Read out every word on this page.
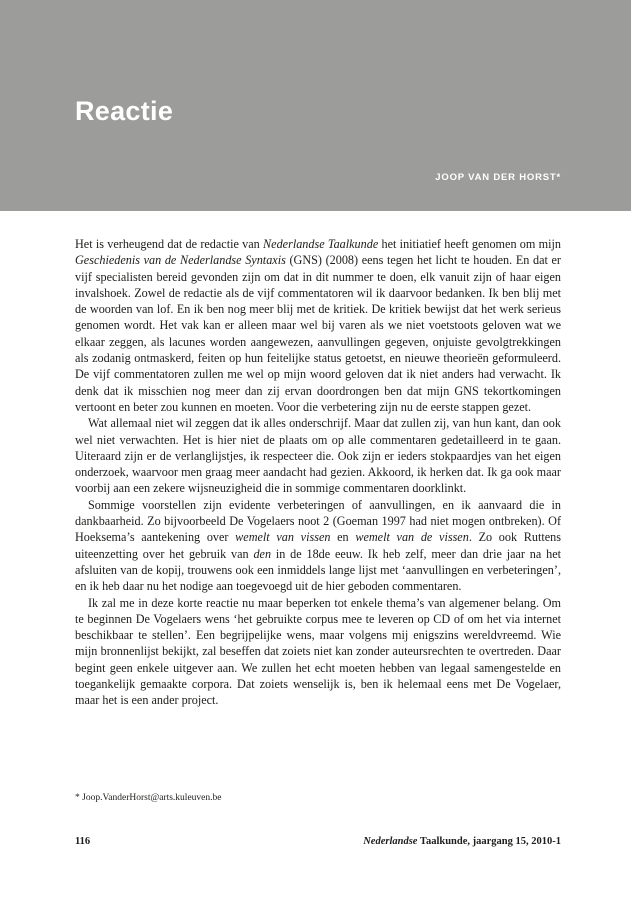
Reactie

JOOP VAN DER HORST*

Het is verheugend dat de redactie van Nederlandse Taalkunde het initiatief heeft genomen om mijn Geschiedenis van de Nederlandse Syntaxis (GNS) (2008) eens tegen het licht te houden. En dat er vijf specialisten bereid gevonden zijn om dat in dit nummer te doen, elk vanuit zijn of haar eigen invalshoek. Zowel de redactie als de vijf commentatoren wil ik daarvoor bedanken. Ik ben blij met de woorden van lof. En ik ben nog meer blij met de kritiek. De kritiek bewijst dat het werk serieus genomen wordt. Het vak kan er alleen maar wel bij varen als we niet voetstoots geloven wat we elkaar zeggen, als lacunes worden aangewezen, aanvullingen gegeven, onjuiste gevolgtrekkingen als zodanig ontmaskerd, feiten op hun feitelijke status getoetst, en nieuwe theorieën geformuleerd. De vijf commentatoren zullen me wel op mijn woord geloven dat ik niet anders had verwacht. Ik denk dat ik misschien nog meer dan zij ervan doordrongen ben dat mijn GNS tekortkomingen vertoont en beter zou kunnen en moeten. Voor die verbetering zijn nu de eerste stappen gezet.

Wat allemaal niet wil zeggen dat ik alles onderschrijf. Maar dat zullen zij, van hun kant, dan ook wel niet verwachten. Het is hier niet de plaats om op alle commentaren gedetailleerd in te gaan. Uiteraard zijn er de verlanglijstjes, ik respecteer die. Ook zijn er ieders stokpaardjes van het eigen onderzoek, waarvoor men graag meer aandacht had gezien. Akkoord, ik herken dat. Ik ga ook maar voorbij aan een zekere wijsneuzigheid die in sommige commentaren doorklinkt.

Sommige voorstellen zijn evidente verbeteringen of aanvullingen, en ik aanvaard die in dankbaarheid. Zo bijvoorbeeld De Vogelaers noot 2 (Goeman 1997 had niet mogen ontbreken). Of Hoeksema’s aantekening over wemelt van vissen en wemelt van de vissen. Zo ook Ruttens uiteenzetting over het gebruik van den in de 18de eeuw. Ik heb zelf, meer dan drie jaar na het afsluiten van de kopij, trouwens ook een inmiddels lange lijst met ‘aanvullingen en verbeteringen’, en ik heb daar nu het nodige aan toegevoegd uit de hier geboden commentaren.

Ik zal me in deze korte reactie nu maar beperken tot enkele thema’s van algemener belang. Om te beginnen De Vogelaers wens ‘het gebruikte corpus mee te leveren op CD of om het via internet beschikbaar te stellen’. Een begrijpelijke wens, maar volgens mij enigszins wereldvreemd. Wie mijn bronnenlijst bekijkt, zal beseffen dat zoiets niet kan zonder auteursrechten te overtreden. Daar begint geen enkele uitgever aan. We zullen het echt moeten hebben van legaal samengestelde en toegankelijk gemaakte corpora. Dat zoiets wenselijk is, ben ik helemaal eens met De Vogelaer, maar het is een ander project.

* Joop.VanderHorst@arts.kuleuven.be

116	Nederlandse Taalkunde, jaargang 15, 2010-1
